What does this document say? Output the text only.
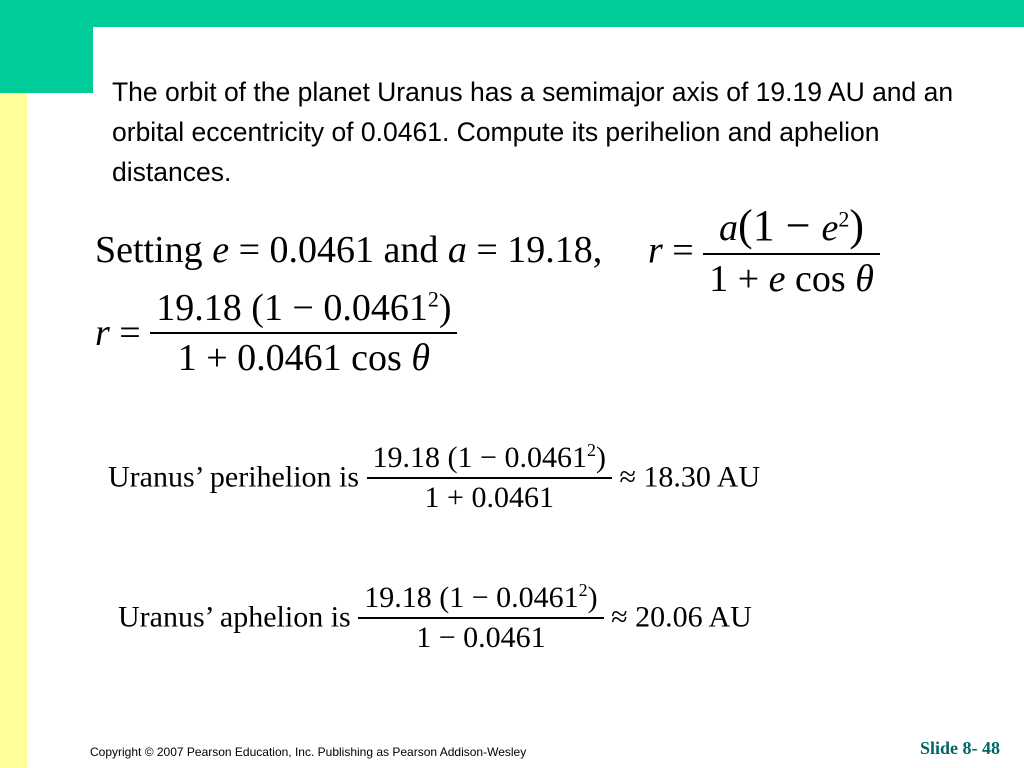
The orbit of the planet Uranus has a semimajor axis of 19.19 AU and an orbital eccentricity of 0.0461. Compute its perihelion and aphelion distances.
Setting e = 0.0461 and a = 19.18, $r = \frac{a(1 - e^2)}{\text{1 + e cos θ}}$
$r = \frac{19.18 (1 - 0.0461^2)}{\text{1 + 0.0461 cos θ}}$
Uranus’ perihelion is $\frac{19.18 (1 - 0.0461^2)}{1 + 0.0461} \approx 18.30$ AU
Uranus’ aphelion is $\frac{19.18 (1 - 0.0461^2)}{1 - 0.0461} \approx 20.06$ AU
Copyright © 2007 Pearson Education, Inc. Publishing as Pearson Addison-Wesley	Slide 8- 48
